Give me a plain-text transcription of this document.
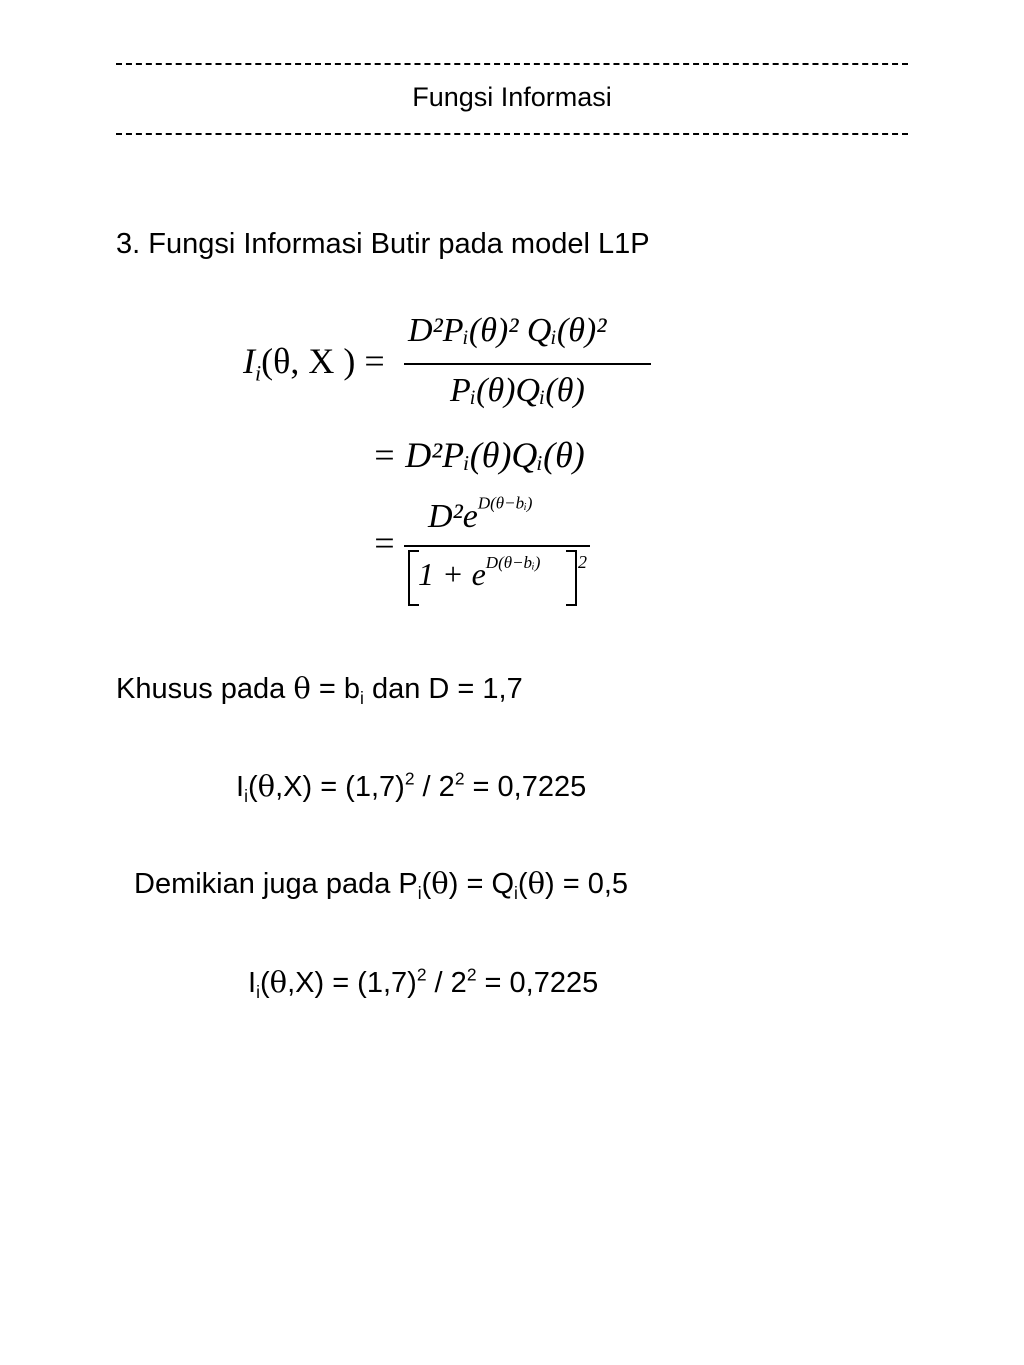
Fungsi Informasi
3. Fungsi Informasi Butir pada model L1P
$I_i(\theta$, X ) =
D²Pᵢ(θ)² Qᵢ(θ)²
Pᵢ(θ)Qᵢ(θ)
= D²Pᵢ(θ)Qᵢ(θ)
=
$D^2e^{D(\theta-bᵢ)}$
$1 + e^{D(\theta-bᵢ)}$ 2
Khusus pada $\theta = b_i$ dan D = 1,7
$I_i(\theta,X) = (1,7)^2 / 2^2 = 0,7225$
Demikian juga pada $P_i(\theta) = Q_i(\theta) = 0,5$
$I_i(\theta,X) = (1,7)^2 / 2^2 = 0,7225$
